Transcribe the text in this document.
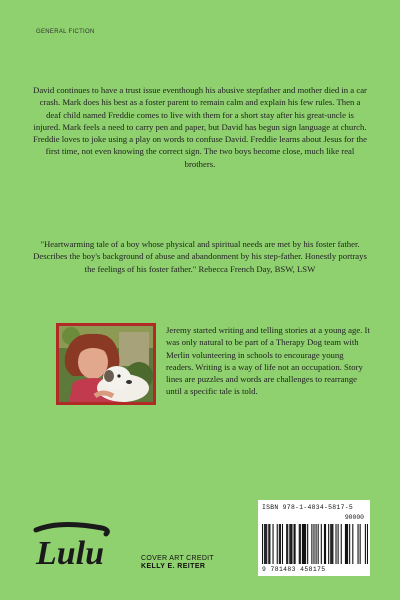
GENERAL FICTION

David continues to have a trust issue eventhough his abusive stepfather and mother died in a car crash. Mark does his best as a foster parent to remain calm and explain his few rules. Then a deaf child named Freddie comes to live with them for a short stay after his great-uncle is injured. Mark feels a need to carry pen and paper, but David has begun sign language at church. Freddie loves to joke using a play on words to confuse David. Freddie learns about Jesus for the first time, not even knowing the correct sign. The two boys become close, much like real brothers.

"Heartwarming tale of a boy whose physical and spiritual needs are met by his foster father. Describes the boy's background of abuse and abandonment by his step-father. Honestly portrays the feelings of his foster father." Rebecca French Day, BSW, LSW

Jeremy started writing and telling stories at a young age. It was only natural to be part of a Therapy Dog team with Merlin volunteering in schools to encourage young readers. Writing is a way of life not an occupation. Story lines are puzzles and words are challenges to rearrange until a specific tale is told.

Lulu	COVER ART CREDIT
KELLY E. REITER
ISBN 978-1-4834-5817-5
90000
9 781483 458175
